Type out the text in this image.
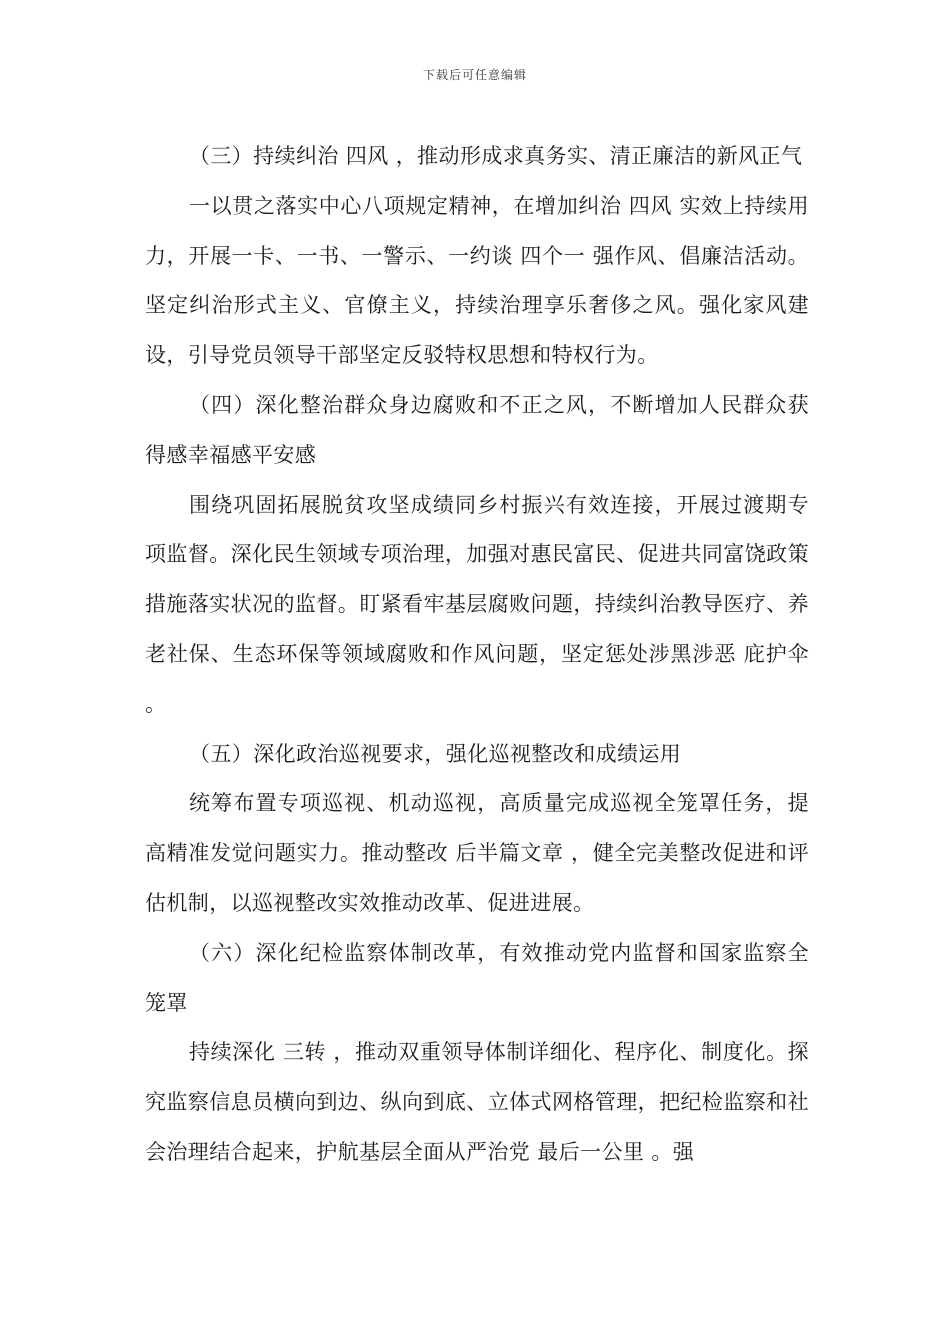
下载后可任意编辑

（三）持续纠治 四风 ，推动形成求真务实、清正廉洁的新风正气

一以贯之落实中心八项规定精神，在增加纠治 四风 实效上持续用力，开展一卡、一书、一警示、一约谈 四个一 强作风、倡廉洁活动。坚定纠治形式主义、官僚主义，持续治理享乐奢侈之风。强化家风建设，引导党员领导干部坚定反驳特权思想和特权行为。

（四）深化整治群众身边腐败和不正之风，不断增加人民群众获得感幸福感平安感

围绕巩固拓展脱贫攻坚成绩同乡村振兴有效连接，开展过渡期专项监督。深化民生领域专项治理，加强对惠民富民、促进共同富饶政策措施落实状况的监督。盯紧看牢基层腐败问题，持续纠治教导医疗、养老社保、生态环保等领域腐败和作风问题，坚定惩处涉黑涉恶 庇护伞 。

（五）深化政治巡视要求，强化巡视整改和成绩运用

统筹布置专项巡视、机动巡视，高质量完成巡视全笼罩任务，提高精准发觉问题实力。推动整改 后半篇文章 ，健全完美整改促进和评估机制，以巡视整改实效推动改革、促进进展。

（六）深化纪检监察体制改革，有效推动党内监督和国家监察全笼罩

持续深化 三转 ，推动双重领导体制详细化、程序化、制度化。探究监察信息员横向到边、纵向到底、立体式网格管理，把纪检监察和社会治理结合起来，护航基层全面从严治党 最后一公里 。强
